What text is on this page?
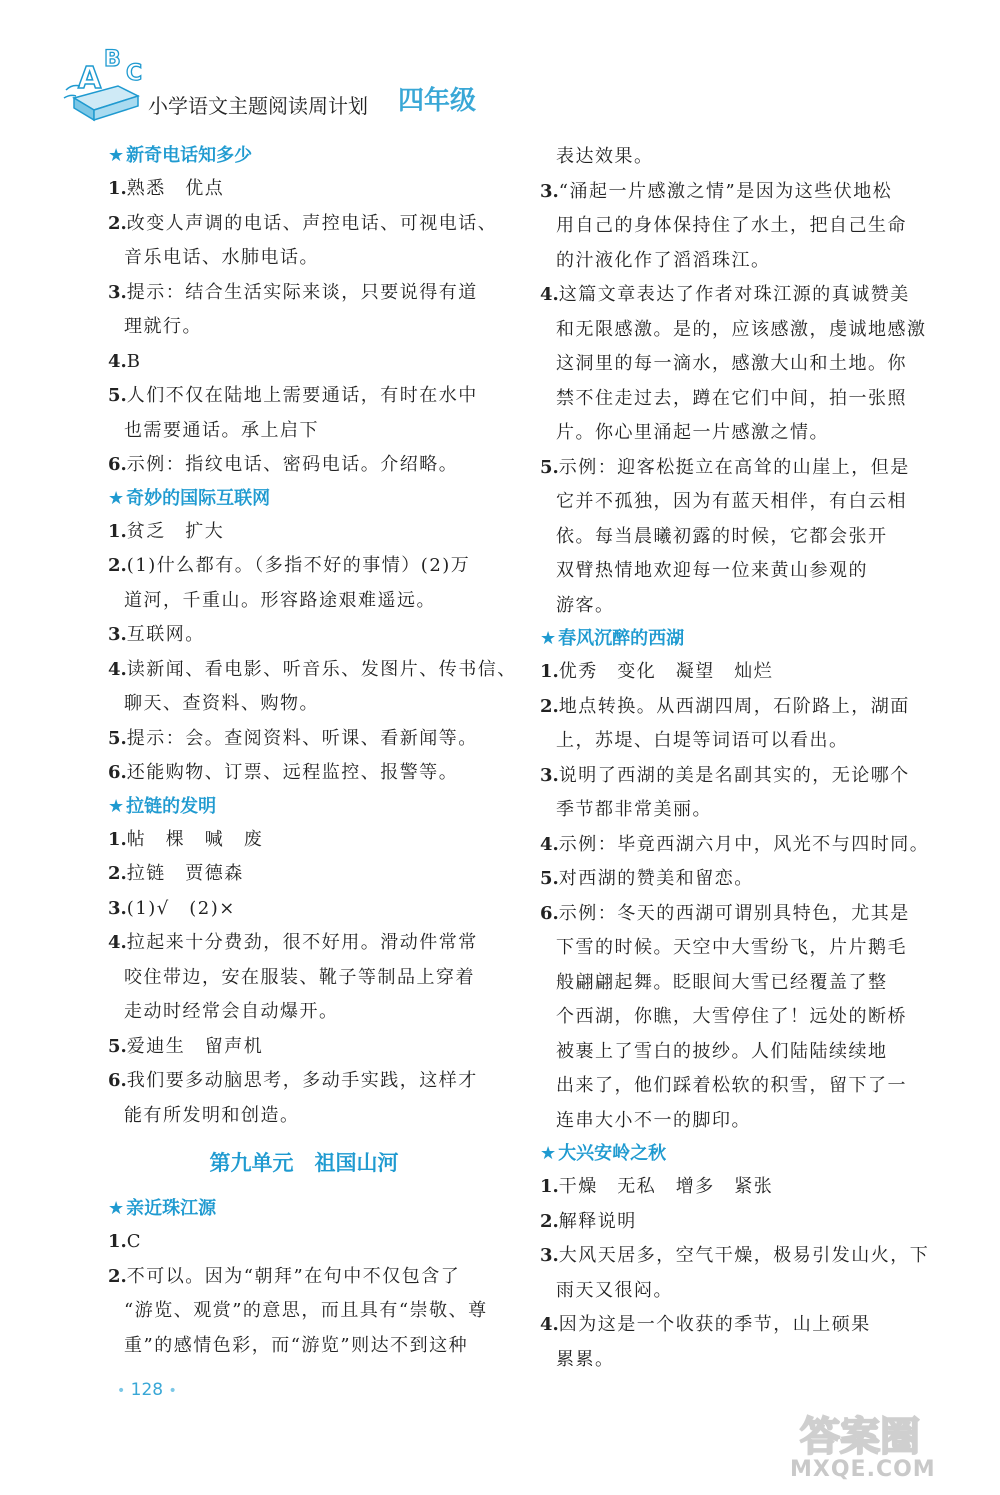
A
B
C
小学语文主题阅读周计划 四年级
★ 新奇电话知多少
1.熟悉　优点
2.改变人声调的电话、声控电话、可视电话、
音乐电话、水肺电话。
3.提示：结合生活实际来谈，只要说得有道
理就行。
4.B
5.人们不仅在陆地上需要通话，有时在水中
也需要通话。承上启下
6.示例：指纹电话、密码电话。介绍略。
★ 奇妙的国际互联网
1.贫乏　扩大
2.(1)什么都有。（多指不好的事情）(2)万
道河，千重山。形容路途艰难遥远。
3.互联网。
4.读新闻、看电影、听音乐、发图片、传书信、
聊天、查资料、购物。
5.提示：会。查阅资料、听课、看新闻等。
6.还能购物、订票、远程监控、报警等。
★ 拉链的发明
1.帖　棵　喊　废
2.拉链　贾德森
3.(1)√　(2)×
4.拉起来十分费劲，很不好用。滑动件常常
咬住带边，安在服装、靴子等制品上穿着
走动时经常会自动爆开。
5.爱迪生　留声机
6.我们要多动脑思考，多动手实践，这样才
能有所发明和创造。
第九单元　祖国山河
★ 亲近珠江源
1.C
2.不可以。因为“朝拜”在句中不仅包含了
“游览、观赏”的意思，而且具有“崇敬、尊
重”的感情色彩，而“游览”则达不到这种
表达效果。
3.“涌起一片感激之情”是因为这些伏地松
用自己的身体保持住了水土，把自己生命
的汁液化作了滔滔珠江。
4.这篇文章表达了作者对珠江源的真诚赞美
和无限感激。是的，应该感激，虔诚地感激
这洞里的每一滴水，感激大山和土地。你
禁不住走过去，蹲在它们中间，拍一张照
片。你心里涌起一片感激之情。
5.示例：迎客松挺立在高耸的山崖上，但是
它并不孤独，因为有蓝天相伴，有白云相
依。每当晨曦初露的时候，它都会张开
双臂热情地欢迎每一位来黄山参观的
游客。
★ 春风沉醉的西湖
1.优秀　变化　凝望　灿烂
2.地点转换。从西湖四周，石阶路上，湖面
上，苏堤、白堤等词语可以看出。
3.说明了西湖的美是名副其实的，无论哪个
季节都非常美丽。
4.示例：毕竟西湖六月中，风光不与四时同。
5.对西湖的赞美和留恋。
6.示例：冬天的西湖可谓别具特色，尤其是
下雪的时候。天空中大雪纷飞，片片鹅毛
般翩翩起舞。眨眼间大雪已经覆盖了整
个西湖，你瞧，大雪停住了！远处的断桥
被裹上了雪白的披纱。人们陆陆续续地
出来了，他们踩着松软的积雪，留下了一
连串大小不一的脚印。
★ 大兴安岭之秋
1.干燥　无私　增多　紧张
2.解释说明
3.大风天居多，空气干燥，极易引发山火，下
雨天又很闷。
4.因为这是一个收获的季节，山上硕果
累累。
• 128 •
答案圈
MXQE.COM
